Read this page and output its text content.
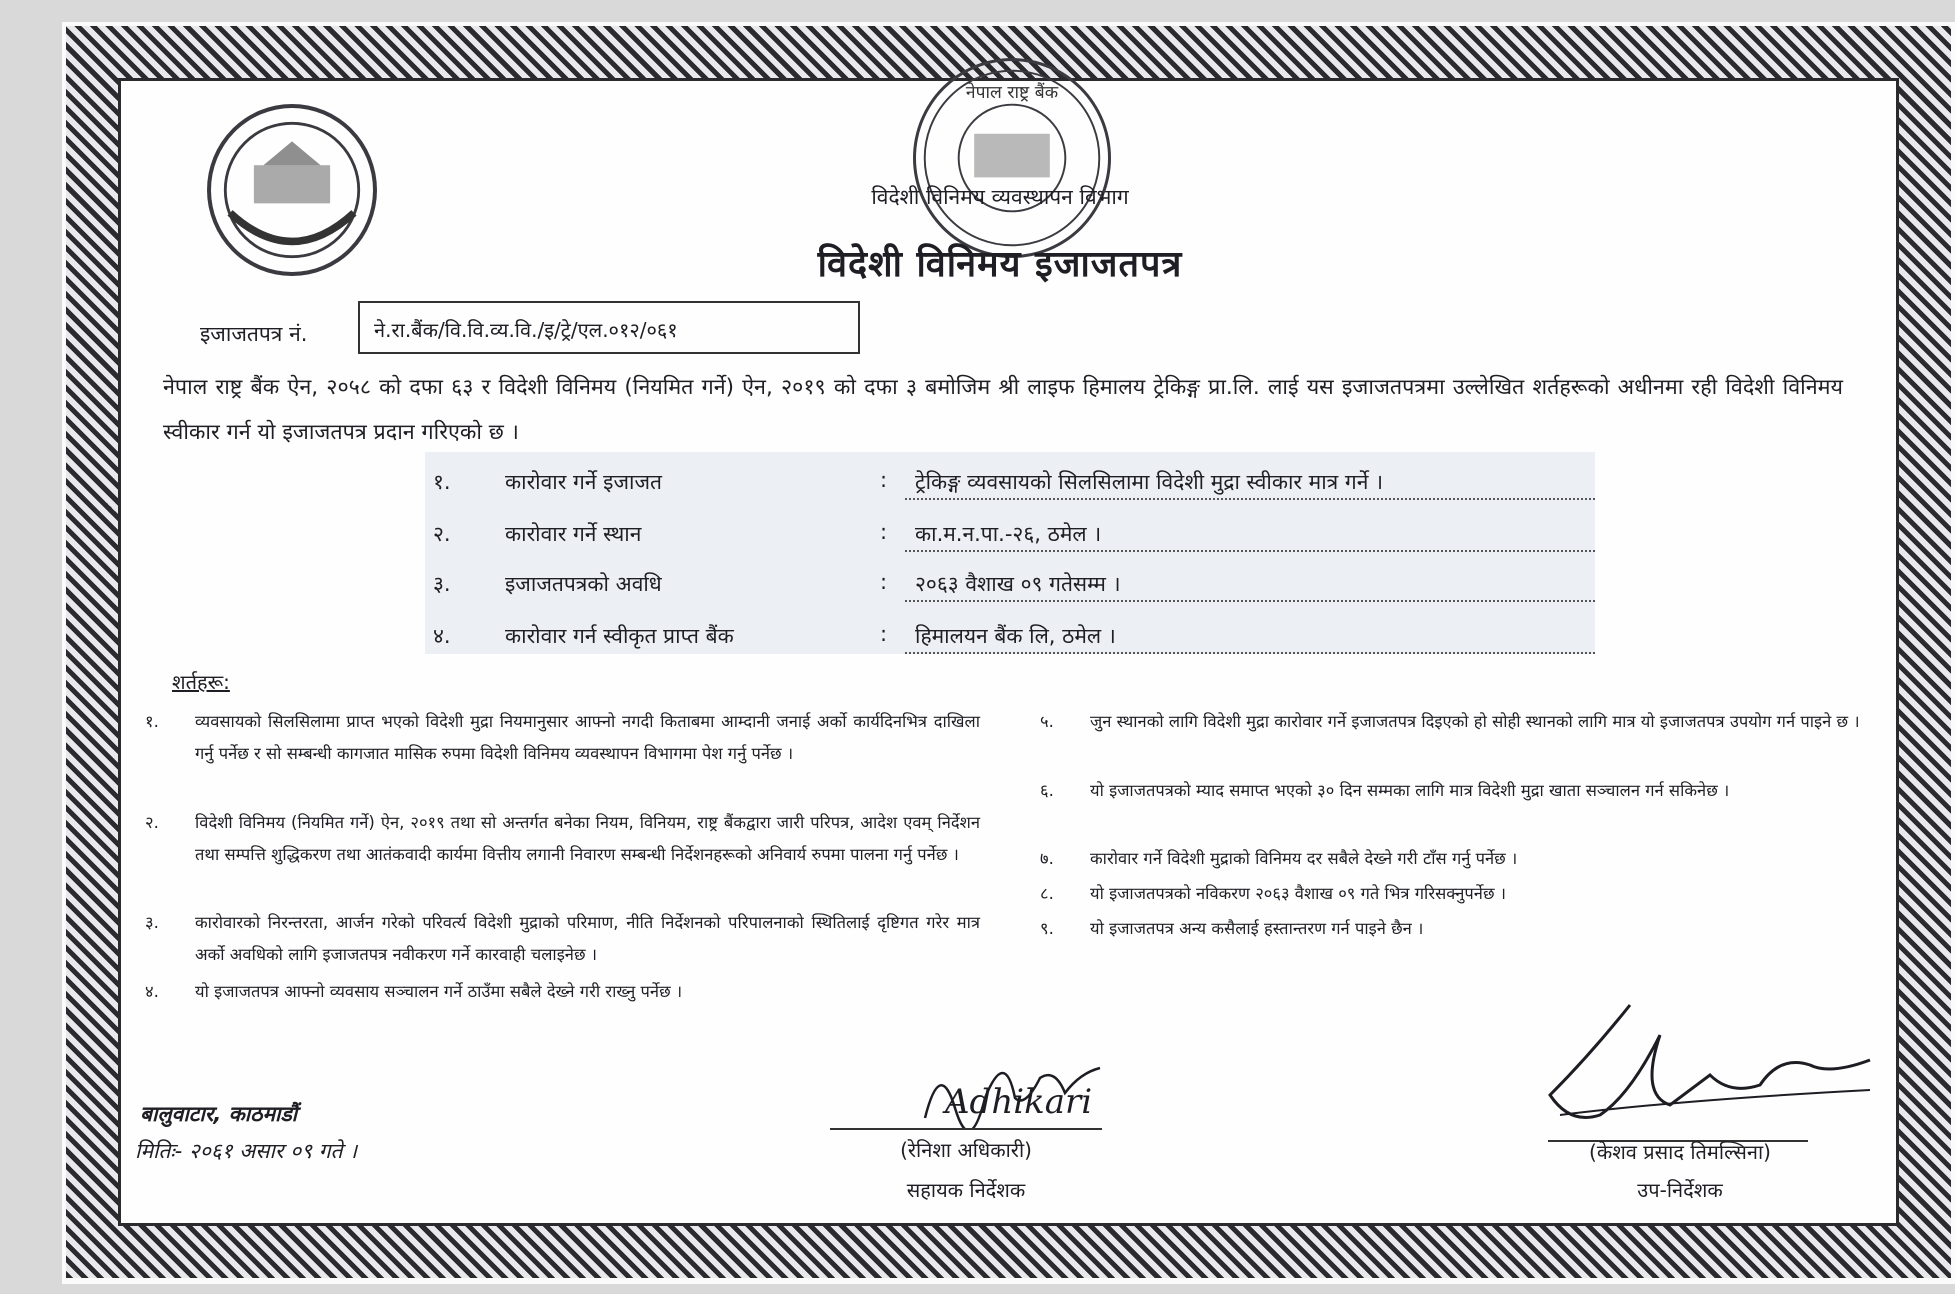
नेपाल राष्ट्र बैंक
विदेशी विनिमय व्यवस्थापन विभाग
विदेशी विनिमय इजाजतपत्र
इजाजतपत्र नं.	ने.रा.बैंक/वि.वि.व्य.वि./इ/ट्रे/एल.०१२/०६१
नेपाल राष्ट्र बैंक ऐन, २०५८ को दफा ६३ र विदेशी विनिमय (नियमित गर्ने) ऐन, २०१९ को दफा ३ बमोजिम श्री लाइफ हिमालय ट्रेकिङ्ग प्रा.लि. लाई यस इजाजतपत्रमा उल्लेखित शर्तहरूको अधीनमा रही विदेशी विनिमय स्वीकार गर्न यो इजाजतपत्र प्रदान गरिएको छ ।
१.	कारोवार गर्ने इजाजत	: ट्रेकिङ्ग व्यवसायको सिलसिलामा विदेशी मुद्रा स्वीकार मात्र गर्ने ।
२.	कारोवार गर्ने स्थान	: का.म.न.पा.-२६, ठमेल ।
३.	इजाजतपत्रको अवधि	: २०६३ वैशाख ०९ गतेसम्म ।
४.	कारोवार गर्न स्वीकृत प्राप्त बैंक	: हिमालयन बैंक लि, ठमेल ।
शर्तहरू:
१. व्यवसायको सिलसिलामा प्राप्त भएको विदेशी मुद्रा नियमानुसार आफ्नो नगदी किताबमा आम्दानी जनाई अर्को कार्यदिनभित्र दाखिला गर्नु पर्नेछ र सो सम्बन्धी कागजात मासिक रुपमा विदेशी विनिमय व्यवस्थापन विभागमा पेश गर्नु पर्नेछ ।
२. विदेशी विनिमय (नियमित गर्ने) ऐन, २०१९ तथा सो अन्तर्गत बनेका नियम, विनियम, राष्ट्र बैंकद्वारा जारी परिपत्र, आदेश एवम् निर्देशन तथा सम्पत्ति शुद्धिकरण तथा आतंकवादी कार्यमा वित्तीय लगानी निवारण सम्बन्धी निर्देशनहरूको अनिवार्य रुपमा पालना गर्नु पर्नेछ ।
३. कारोवारको निरन्तरता, आर्जन गरेको परिवर्त्य विदेशी मुद्राको परिमाण, नीति निर्देशनको परिपालनाको स्थितिलाई दृष्टिगत गरेर मात्र अर्को अवधिको लागि इजाजतपत्र नवीकरण गर्ने कारवाही चलाइनेछ ।
४. यो इजाजतपत्र आफ्नो व्यवसाय सञ्चालन गर्ने ठाउँमा सबैले देख्ने गरी राख्नु पर्नेछ ।
५. जुन स्थानको लागि विदेशी मुद्रा कारोवार गर्ने इजाजतपत्र दिइएको हो सोही स्थानको लागि मात्र यो इजाजतपत्र उपयोग गर्न पाइने छ ।
६. यो इजाजतपत्रको म्याद समाप्त भएको ३० दिन सम्मका लागि मात्र विदेशी मुद्रा खाता सञ्चालन गर्न सकिनेछ ।
७. कारोवार गर्ने विदेशी मुद्राको विनिमय दर सबैले देख्ने गरी टाँस गर्नु पर्नेछ ।
८. यो इजाजतपत्रको नविकरण २०६३ वैशाख ०९ गते भित्र गरिसक्नुपर्नेछ ।
९. यो इजाजतपत्र अन्य कसैलाई हस्तान्तरण गर्न पाइने छैन ।
बालुवाटार, काठमाडौं
मितिः- २०६१ असार ०९ गते ।
Adhikari
(रेनिशा अधिकारी)
सहायक निर्देशक
(केशव प्रसाद तिमल्सिना)
उप-निर्देशक
